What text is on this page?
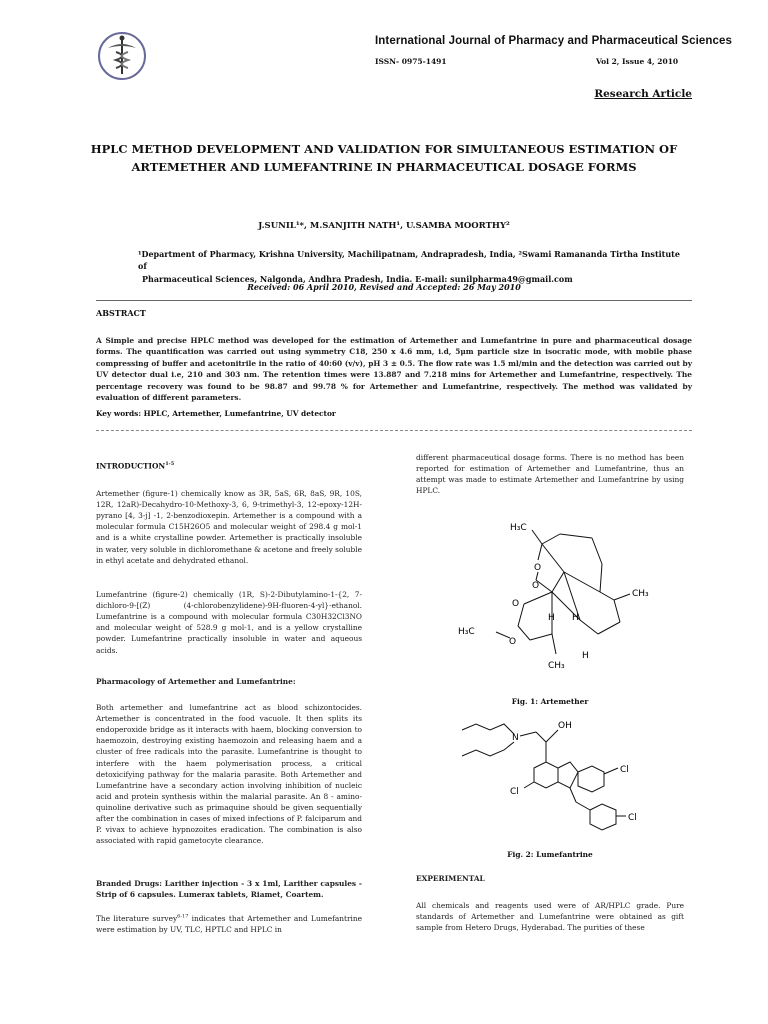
International Journal of Pharmacy and Pharmaceutical Sciences
ISSN- 0975-1491	Vol 2, Issue 4, 2010
Research Article
HPLC METHOD DEVELOPMENT AND VALIDATION FOR SIMULTANEOUS ESTIMATION OF
ARTEMETHER AND LUMEFANTRINE IN PHARMACEUTICAL DOSAGE FORMS
J.SUNIL¹*, M.SANJITH NATH¹, U.SAMBA MOORTHY²
¹Department of Pharmacy, Krishna University, Machilipatnam, Andrapradesh, India, ²Swami Ramananda Tirtha Institute of
Pharmaceutical Sciences, Nalgonda, Andhra Pradesh, India. E-mail: sunilpharma49@gmail.com
Received: 06 April 2010, Revised and Accepted: 26 May 2010
ABSTRACT
A Simple and precise HPLC method was developed for the estimation of Artemether and Lumefantrine in pure and pharmaceutical dosage forms. The quantification was carried out using symmetry C18, 250 x 4.6 mm, i.d, 5μm particle size in isocratic mode, with mobile phase compressing of buffer and acetonitrile in the ratio of 40:60 (v/v), pH 3 ± 0.5. The flow rate was 1.5 ml/min and the detection was carried out by UV detector dual i.e, 210 and 303 nm. The retention times were 13.887 and 7.218 mins for Artemether and Lumefantrine, respectively. The percentage recovery was found to be 98.87 and 99.78 % for Artemether and Lumefantrine, respectively. The method was validated by evaluation of different parameters.
Key words: HPLC, Artemether, Lumefantrine, UV detector
INTRODUCTION$^{1-5}$
Artemether (figure-1) chemically know as 3R, 5aS, 6R, 8aS, 9R, 10S, 12R, 12aR)-Decahydro-10-Methoxy-3, 6, 9-trimethyl-3, 12-epoxy-12H-pyrano [4, 3-j] -1, 2-benzodioxepin. Artemether is a compound with a molecular formula C15H26O5 and molecular weight of 298.4 g mol-1 and is a white crystalline powder. Artemether is practically insoluble in water, very soluble in dichloromethane & acetone and freely soluble in ethyl acetate and dehydrated ethanol.
Lumefantrine (figure-2) chemically (1R, S)-2-Dibutylamino-1-{2, 7-dichloro-9-[(Z) (4-chlorobenzylidene)-9H-fluoren-4-yl}-ethanol. Lumefantrine is a compound with molecular formula C30H32Cl3NO and molecular weight of 528.9 g mol-1, and is a yellow crystalline powder. Lumefantrine practically insoluble in water and aqueous acids.
Pharmacology of Artemether and Lumefantrine:
Both artemether and lumefantrine act as blood schizontocides. Artemether is concentrated in the food vacuole. It then splits its endoperoxide bridge as it interacts with haem, blocking conversion to haemozoin, destroying existing haemozoin and releasing haem and a cluster of free radicals into the parasite. Lumefantrine is thought to interfere with the haem polymerisation process, a critical detoxicifying pathway for the malaria parasite. Both Artemether and Lumefantrine have a secondary action involving inhibition of nucleic acid and protein synthesis within the malarial parasite. An 8 - amino-quinoline derivative such as primaquine should be given sequentially after the combination in cases of mixed infections of P. falciparum and P. vivax to achieve hypnozoites eradication. The combination is also associated with rapid gametocyte clearance.
Branded Drugs: Larither injection - 3 x 1ml, Larither capsules - Strip of 6 capsules. Lumerax tablets, Riamet, Coartem.
The literature survey$^{6-17}$ indicates that Artemether and Lumefantrine were estimation by UV, TLC, HPTLC and HPLC in
different pharmaceutical dosage forms. There is no method has been reported for estimation of Artemether and Lumefantrine, thus an attempt was made to estimate Artemether and Lumefantrine by using HPLC.
H₃C
O
O
O
O
H H
H
CH₃
CH₃
H₃C
Fig. 1: Artemether
N
OH
Cl
Cl
Cl
Fig. 2: Lumefantrine
EXPERIMENTAL
All chemicals and reagents used were of AR/HPLC grade. Pure standards of Artemether and Lumefantrine were obtained as gift sample from Hetero Drugs, Hyderabad. The purities of these
